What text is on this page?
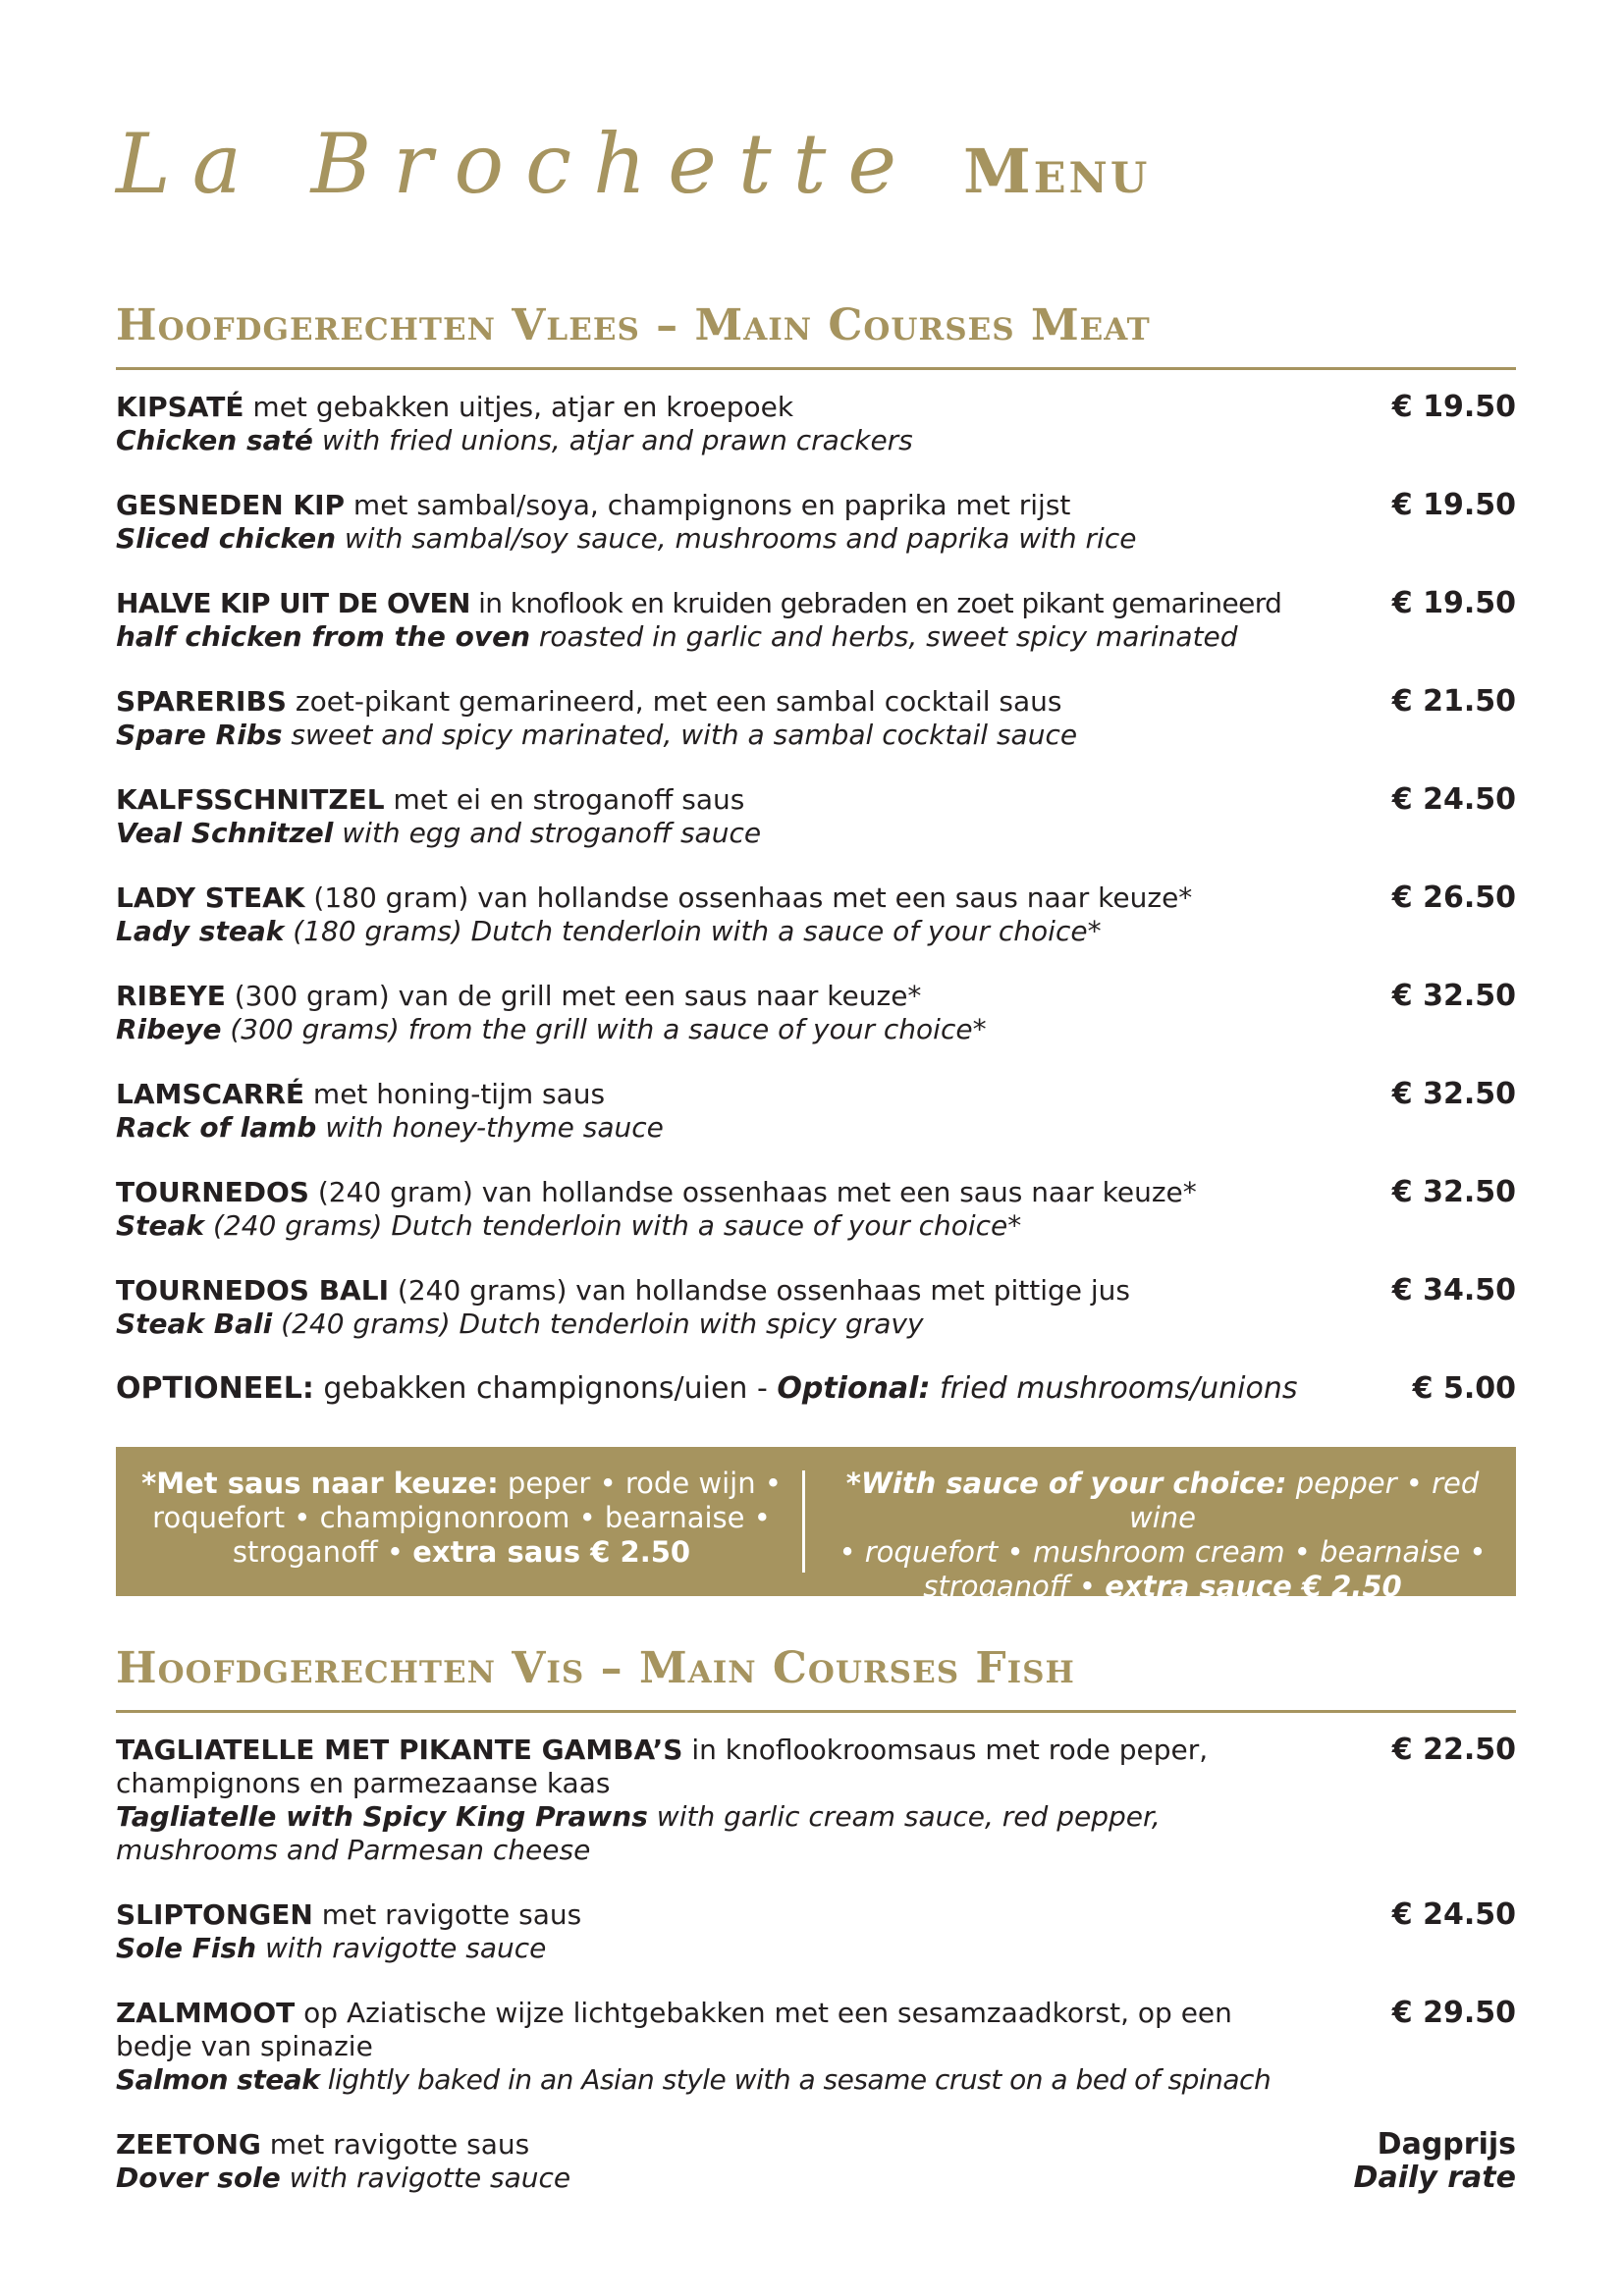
La Brochette Menu
Hoofdgerechten Vlees – Main Courses Meat
KIPSATÉ met gebakken uitjes, atjar en kroepoek
Chicken saté with fried unions, atjar and prawn crackers
€ 19.50
GESNEDEN KIP met sambal/soya, champignons en paprika met rijst
Sliced chicken with sambal/soy sauce, mushrooms and paprika with rice
€ 19.50
HALVE KIP UIT DE OVEN in knoflook en kruiden gebraden en zoet pikant gemarineerd
half chicken from the oven roasted in garlic and herbs, sweet spicy marinated
€ 19.50
SPARERIBS zoet-pikant gemarineerd, met een sambal cocktail saus
Spare Ribs sweet and spicy marinated, with a sambal cocktail sauce
€ 21.50
KALFSSCHNITZEL met ei en stroganoff saus
Veal Schnitzel with egg and stroganoff sauce
€ 24.50
LADY STEAK (180 gram) van hollandse ossenhaas met een saus naar keuze*
Lady steak (180 grams) Dutch tenderloin with a sauce of your choice*
€ 26.50
RIBEYE (300 gram) van de grill met een saus naar keuze*
Ribeye (300 grams) from the grill with a sauce of your choice*
€ 32.50
LAMSCARRÉ met honing-tijm saus
Rack of lamb with honey-thyme sauce
€ 32.50
TOURNEDOS (240 gram) van hollandse ossenhaas met een saus naar keuze*
Steak (240 grams) Dutch tenderloin with a sauce of your choice*
€ 32.50
TOURNEDOS BALI (240 grams) van hollandse ossenhaas met pittige jus
Steak Bali (240 grams) Dutch tenderloin with spicy gravy
€ 34.50
OPTIONEEL: gebakken champignons/uien - Optional: fried mushrooms/unions	€ 5.00
*Met saus naar keuze: peper • rode wijn •
roquefort • champignonroom • bearnaise •
stroganoff • extra saus € 2.50
*With sauce of your choice: pepper • red wine
• roquefort • mushroom cream • bearnaise •
stroganoff • extra sauce € 2.50
Hoofdgerechten Vis – Main Courses Fish
TAGLIATELLE MET PIKANTE GAMBA’S in knoflookroomsaus met rode peper, champignons en parmezaanse kaas
Tagliatelle with Spicy King Prawns with garlic cream sauce, red pepper, mushrooms and Parmesan cheese
€ 22.50
SLIPTONGEN met ravigotte saus
Sole Fish with ravigotte sauce
€ 24.50
ZALMMOOT op Aziatische wijze lichtgebakken met een sesamzaadkorst, op een bedje van spinazie
Salmon steak lightly baked in an Asian style with a sesame crust on a bed of spinach
€ 29.50
ZEETONG met ravigotte saus
Dover sole with ravigotte sauce
Dagprijs
Daily rate
